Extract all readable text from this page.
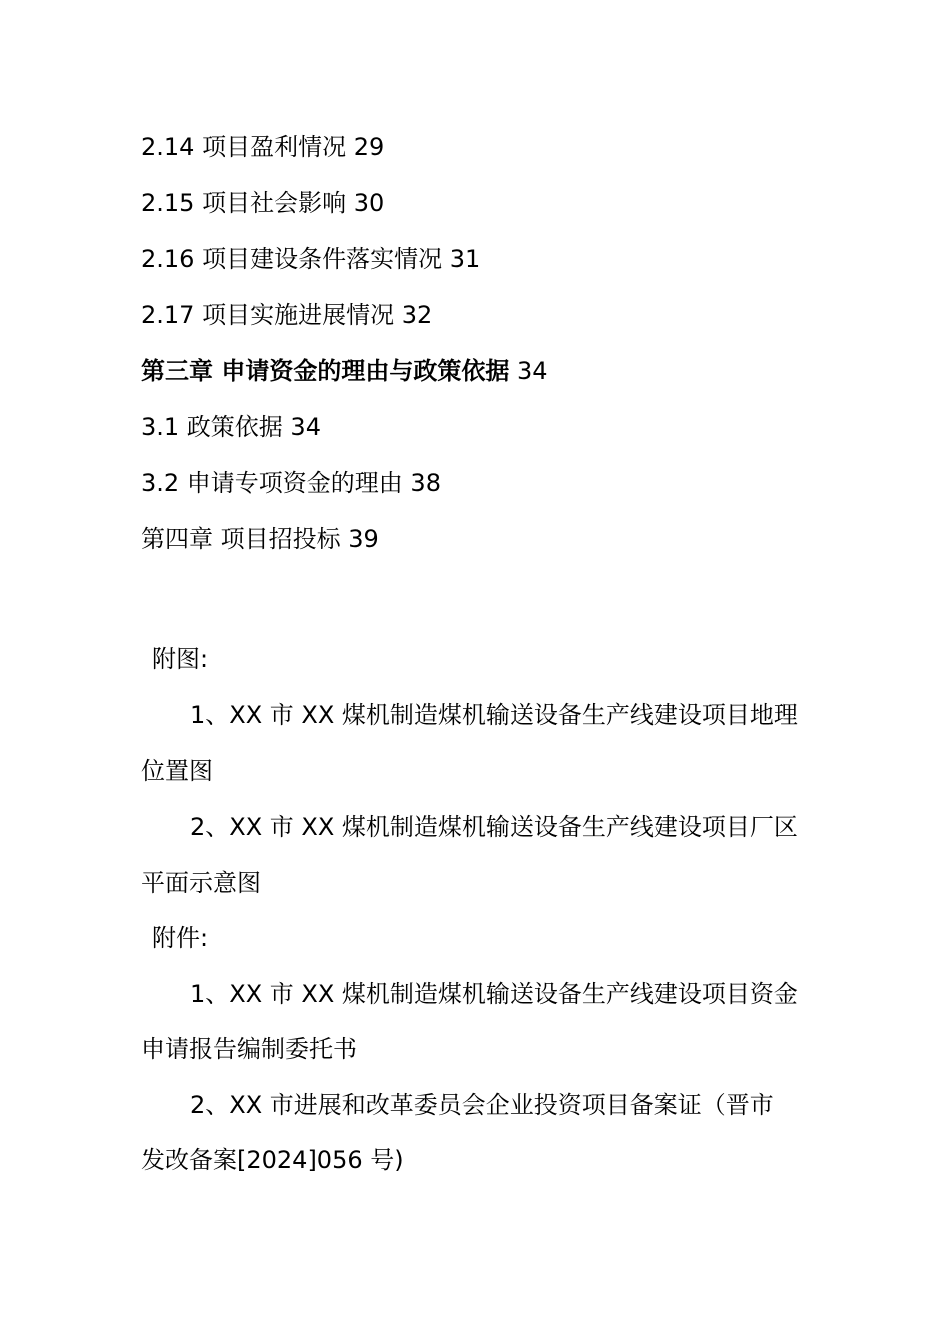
2.14 项目盈利情况 29
2.15 项目社会影响 30
2.16 项目建设条件落实情况 31
2.17 项目实施进展情况 32
第三章 申请资金的理由与政策依据 34
3.1 政策依据 34
3.2 申请专项资金的理由 38
第四章 项目招投标 39
附图:
1、XX 市 XX 煤机制造煤机输送设备生产线建设项目地理
位置图
2、XX 市 XX 煤机制造煤机输送设备生产线建设项目厂区
平面示意图
附件:
1、XX 市 XX 煤机制造煤机输送设备生产线建设项目资金
申请报告编制委托书
2、XX 市进展和改革委员会企业投资项目备案证（晋市
发改备案[2024]056 号)
